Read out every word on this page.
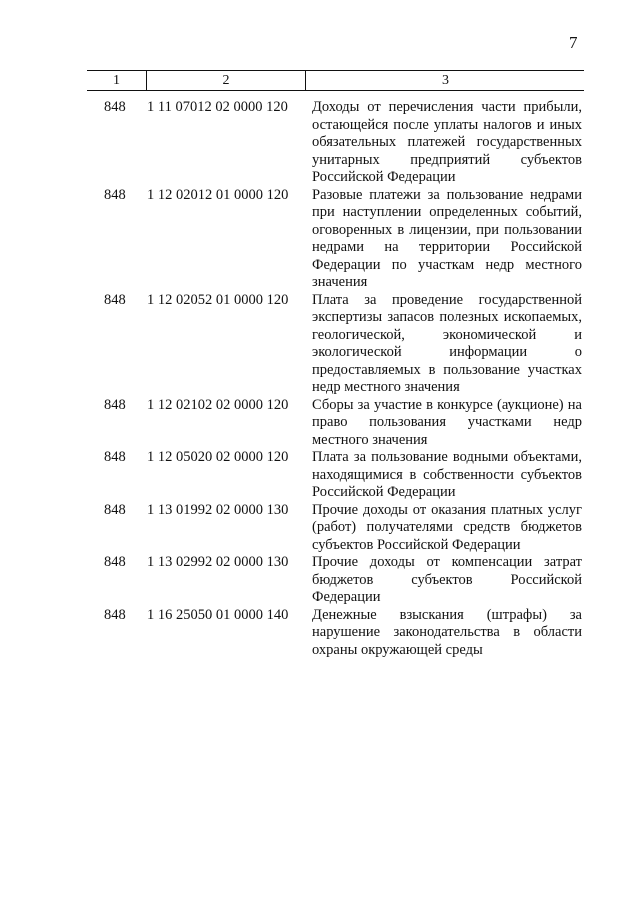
7
1	2	3
848	1 11 07012 02 0000 120	Доходы от перечисления части прибыли, остающейся после уплаты налогов и иных обязательных платежей государственных унитарных предприятий субъектов Российской Федерации
848	1 12 02012 01 0000 120	Разовые платежи за пользование недрами при наступлении определенных событий, оговоренных в лицензии, при пользовании недрами на территории Российской Федерации по участкам недр местного значения
848	1 12 02052 01 0000 120	Плата за проведение государственной экспертизы запасов полезных ископаемых, геологической, экономической и экологической информации о предоставляемых в пользование участках недр местного значения
848	1 12 02102 02 0000 120	Сборы за участие в конкурсе (аукционе) на право пользования участками недр местного значения
848	1 12 05020 02 0000 120	Плата за пользование водными объектами, находящимися в собственности субъектов Российской Федерации
848	1 13 01992 02 0000 130	Прочие доходы от оказания платных услуг (работ) получателями средств бюджетов субъектов Российской Федерации
848	1 13 02992 02 0000 130	Прочие доходы от компенсации затрат бюджетов субъектов Российской Федерации
848	1 16 25050 01 0000 140	Денежные взыскания (штрафы) за нарушение законодательства в области охраны окружающей среды
